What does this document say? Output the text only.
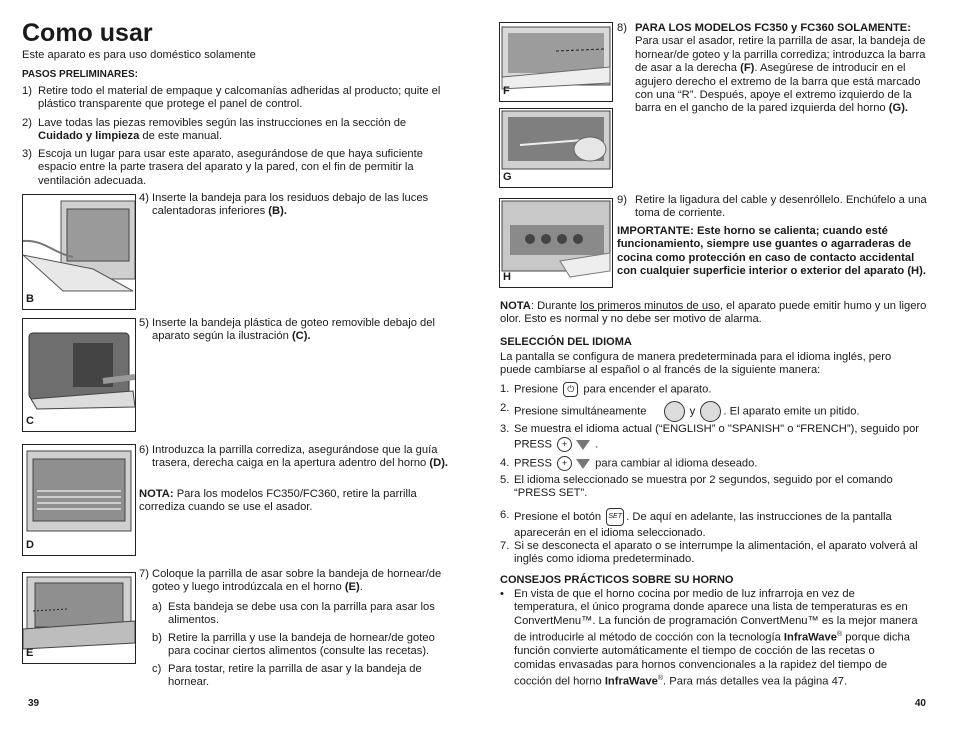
Como usar
Este aparato es para uso doméstico solamente
PASOS PRELIMINARES:
1) Retire todo el material de empaque y calcomanías adheridas al producto; quite el plástico transparente que protege el panel de control.
2) Lave todas las piezas removibles según las instrucciones en la sección de Cuidado y limpieza de este manual.
3) Escoja un lugar para usar este aparato, asegurándose de que haya suficiente espacio entre la parte trasera del aparato y la pared, con el fin de permitir la ventilación adecuada.
B
4) Inserte la bandeja para los residuos debajo de las luces calentadoras inferiores (B).
C
5) Inserte la bandeja plástica de goteo removible debajo del aparato según la ilustración (C).
D
6) Introduzca la parrilla corrediza, asegurándose que la guía trasera, derecha caiga en la apertura adentro del horno (D).
NOTA: Para los modelos FC350/FC360, retire la parrilla corrediza cuando se use el asador.
E
7) Coloque la parrilla de asar sobre la bandeja de hornear/de goteo y luego introdúzcala en el horno (E).
a) Esta bandeja se debe usa con la parrilla para asar los alimentos.
b) Retire la parrilla y use la bandeja de hornear/de goteo para cocinar ciertos alimentos (consulte las recetas).
c) Para tostar, retire la parrilla de asar y la bandeja de hornear.
39
F
G
8) PARA LOS MODELOS FC350 y FC360 SOLAMENTE:
Para usar el asador, retire la parrilla de asar, la bandeja de hornear/de goteo y la parrilla corrediza; introduzca la barra de asar a la derecha (F). Asegúrese de introducir en el agujero derecho el extremo de la barra que está marcado con una “R”. Después, apoye el extremo izquierdo de la barra en el gancho de la pared izquierda del horno (G).
H
9) Retire la ligadura del cable y desenróllelo. Enchúfelo a una toma de corriente.
IMPORTANTE: Este horno se calienta; cuando esté funcionamiento, siempre use guantes o agarraderas de cocina como protección en caso de contacto accidental con cualquier superficie interior o exterior del aparato (H).
NOTA: Durante los primeros minutos de uso, el aparato puede emitir humo y un ligero olor. Esto es normal y no debe ser motivo de alarma.
SELECCIÓN DEL IDIOMA
La pantalla se configura de manera predeterminada para el idioma inglés, pero puede cambiarse al español o al francés de la siguiente manera:
1. Presione ⏻ para encender el aparato.
2. Presione simultáneamente	y . El aparato emite un pitido.
3. Se muestra el idioma actual (“ENGLISH” o "SPANISH" o “FRENCH”), seguido por PRESS + .
4. PRESS + para cambiar al idioma deseado.
5. El idioma seleccionado se muestra por 2 segundos, seguido por el comando “PRESS SET”.
6. Presione el botón SET . De aquí en adelante, las instrucciones de la pantalla aparecerán en el idioma seleccionado.
7. Si se desconecta el aparato o se interrumpe la alimentación, el aparato volverá al inglés como idioma predeterminado.
CONSEJOS PRÁCTICOS SOBRE SU HORNO
• En vista de que el horno cocina por medio de luz infrarroja en vez de temperatura, el único programa donde aparece una lista de temperaturas es en ConvertMenu™. La función de programación ConvertMenu™ es la mejor manera de introducirle al método de cocción con la tecnología InfraWave® porque dicha función convierte automáticamente el tiempo de cocción de las recetas o comidas envasadas para hornos convencionales a la rapidez del tiempo de cocción del horno InfraWave®. Para más detalles vea la página 47.
40
